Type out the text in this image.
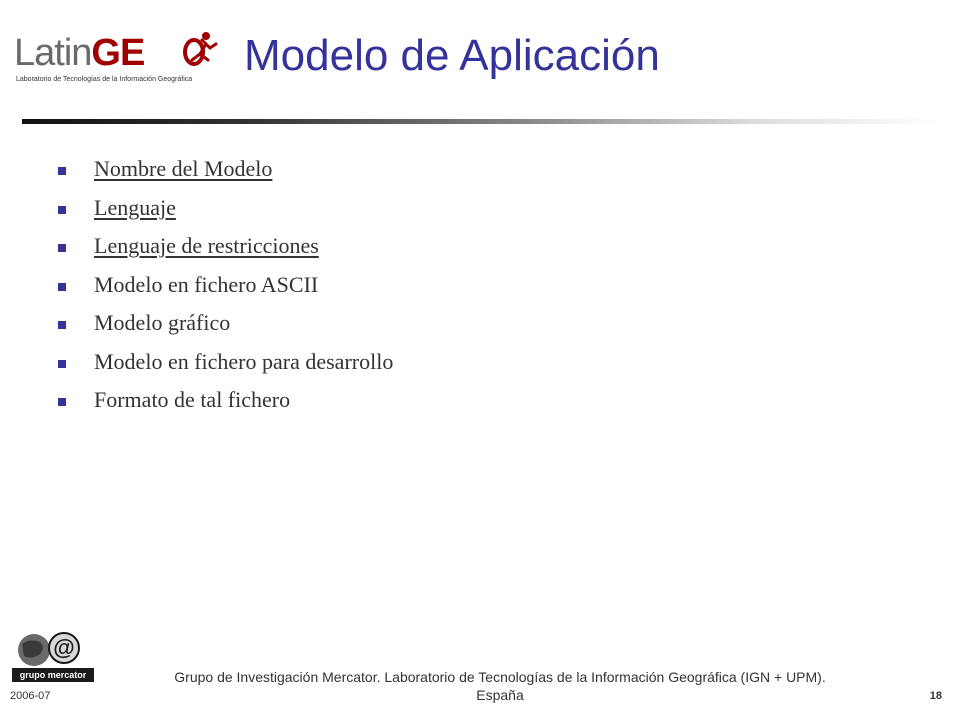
LatinGE
Laboratorio de Tecnologías de la Información Geográfica Modelo de Aplicación
Nombre del Modelo
Lenguaje
Lenguaje de restricciones
Modelo en fichero ASCII
Modelo gráfico
Modelo en fichero para desarrollo
Formato de tal fichero
@
grupo mercator	Grupo de Investigación Mercator. Laboratorio de Tecnologías de la Información Geográfica (IGN + UPM).
España
2006-07	18
